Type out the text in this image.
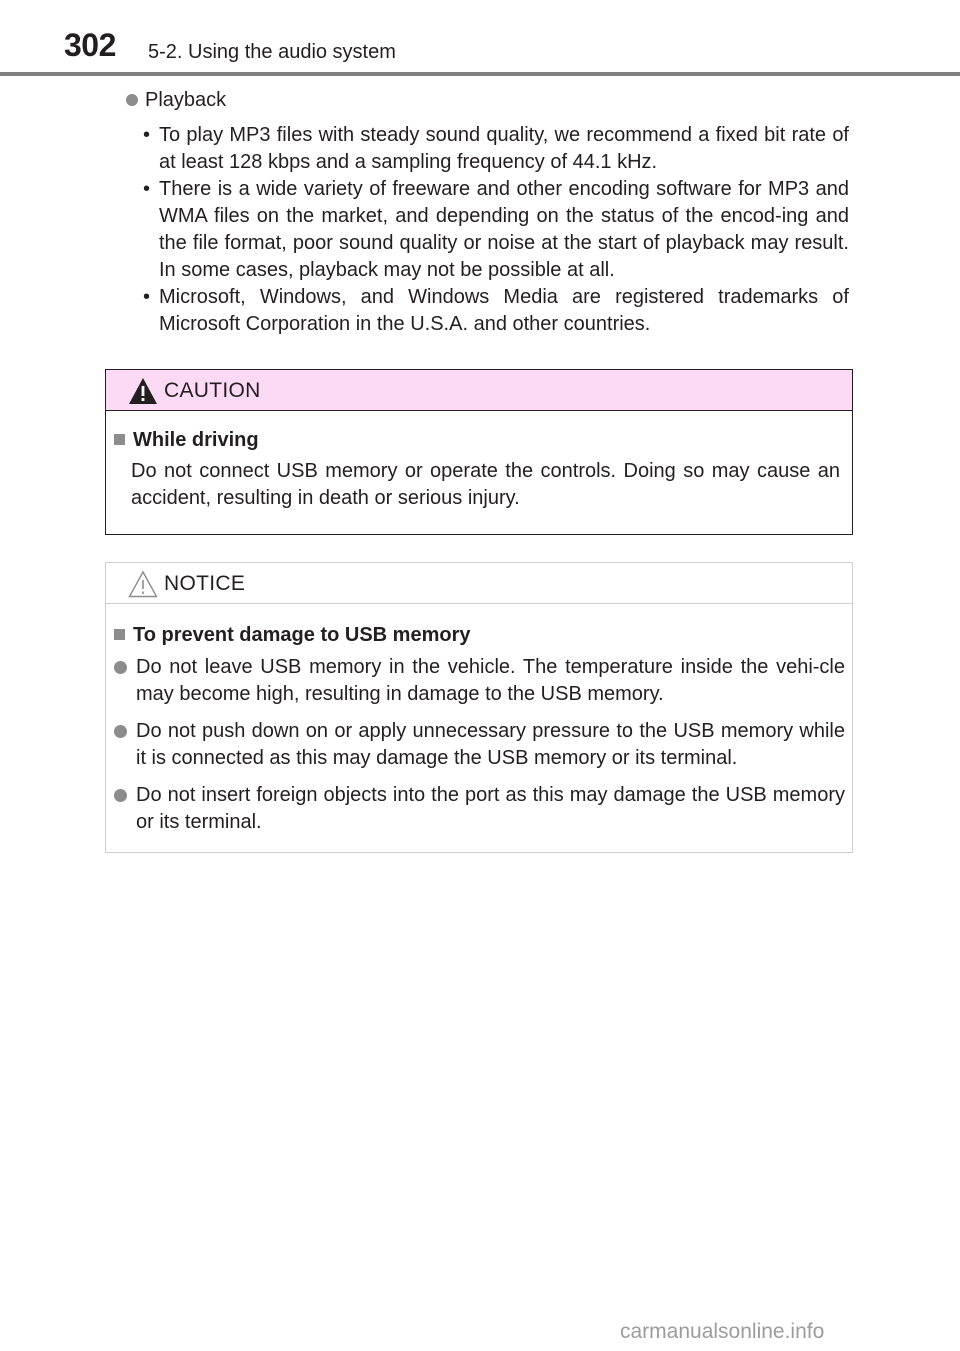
302 5-2. Using the audio system
Playback
• To play MP3 files with steady sound quality, we recommend a fixed bit rate of at least 128 kbps and a sampling frequency of 44.1 kHz.
• There is a wide variety of freeware and other encoding software for MP3 and WMA files on the market, and depending on the status of the encod-ing and the file format, poor sound quality or noise at the start of playback may result. In some cases, playback may not be possible at all.
• Microsoft, Windows, and Windows Media are registered trademarks of Microsoft Corporation in the U.S.A. and other countries.
CAUTION
While driving
Do not connect USB memory or operate the controls. Doing so may cause an accident, resulting in death or serious injury.
NOTICE
To prevent damage to USB memory
Do not leave USB memory in the vehicle. The temperature inside the vehi-cle may become high, resulting in damage to the USB memory.
Do not push down on or apply unnecessary pressure to the USB memory while it is connected as this may damage the USB memory or its terminal.
Do not insert foreign objects into the port as this may damage the USB memory or its terminal.
carmanualsonline.info
